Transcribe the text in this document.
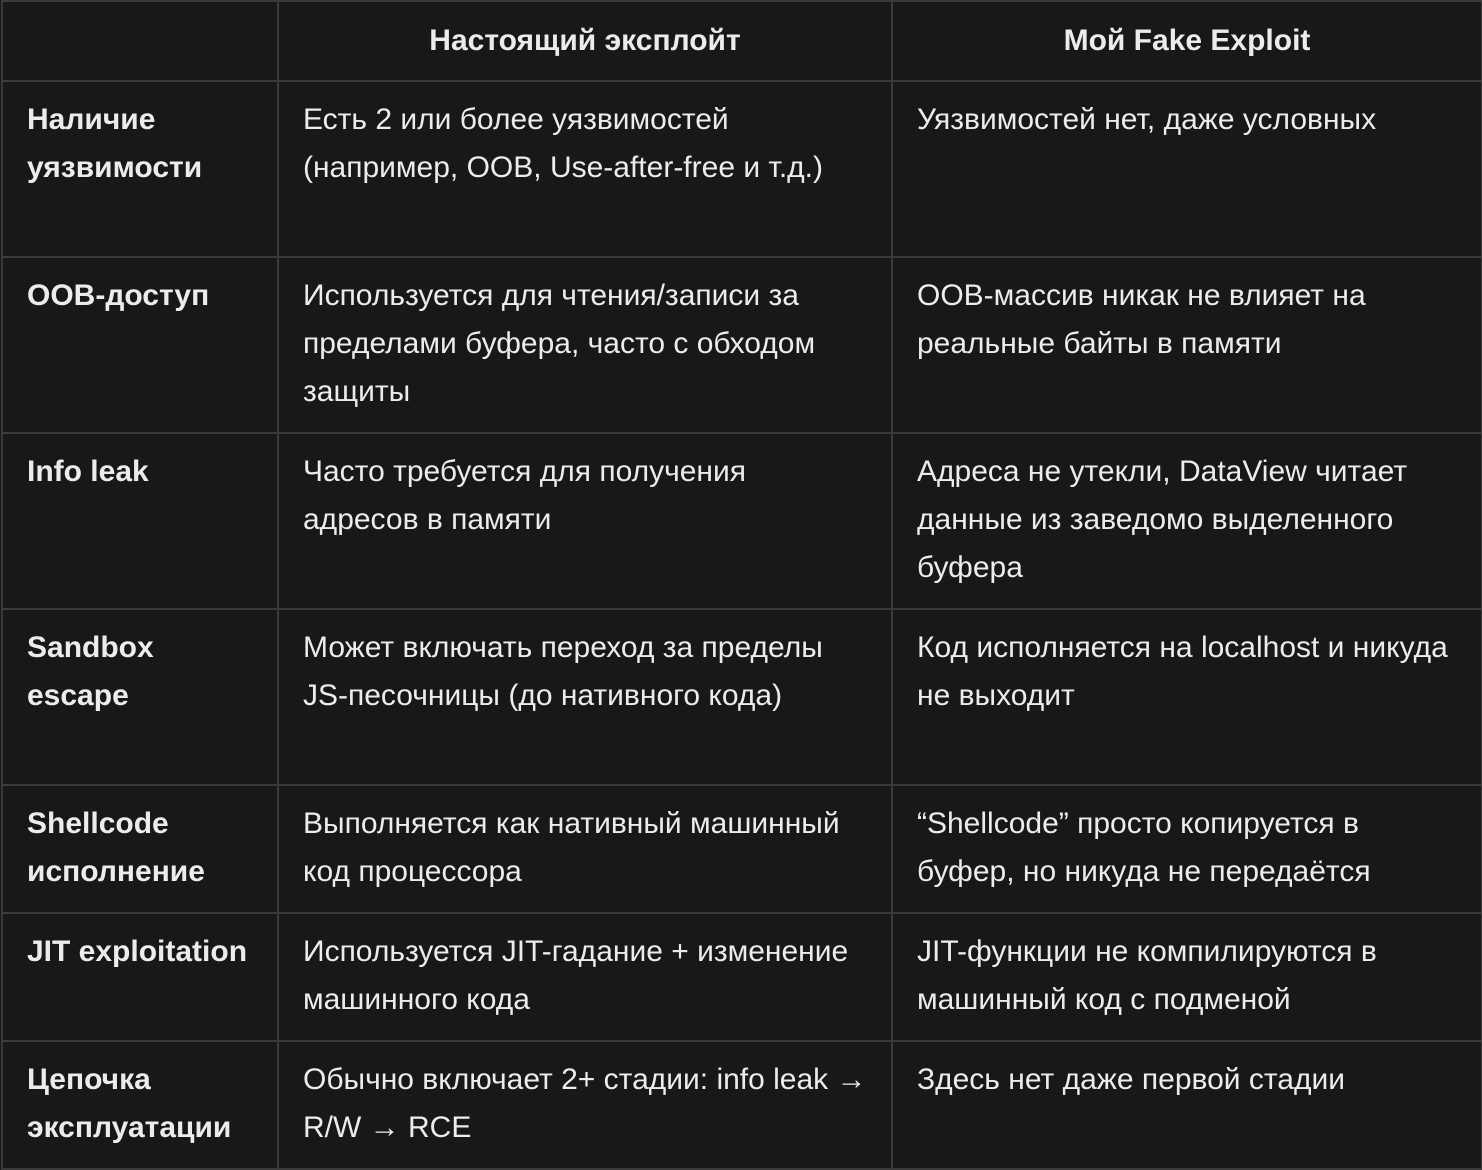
	Настоящий эксплойт	Мой Fake Exploit
Наличие уязвимости	Есть 2 или более уязвимостей (например, OOB, Use-after-free и т.д.)	Уязвимостей нет, даже условных
OOB-доступ	Используется для чтения/записи за пределами буфера, часто с обходом защиты	OOB-массив никак не влияет на реальные байты в памяти
Info leak	Часто требуется для получения адресов в памяти	Адреса не утекли, DataView читает данные из заведомо выделенного буфера
Sandbox escape	Может включать переход за пределы JS-песочницы (до нативного кода)	Код исполняется на localhost и никуда не выходит
Shellcode исполнение	Выполняется как нативный машинный код процессора	“Shellcode” просто копируется в буфер, но никуда не передаётся
JIT exploitation	Используется JIT-гадание + изменение машинного кода	JIT-функции не компилируются в машинный код с подменой
Цепочка эксплуатации	Обычно включает 2+ стадии: info leak → R/W → RCE	Здесь нет даже первой стадии
